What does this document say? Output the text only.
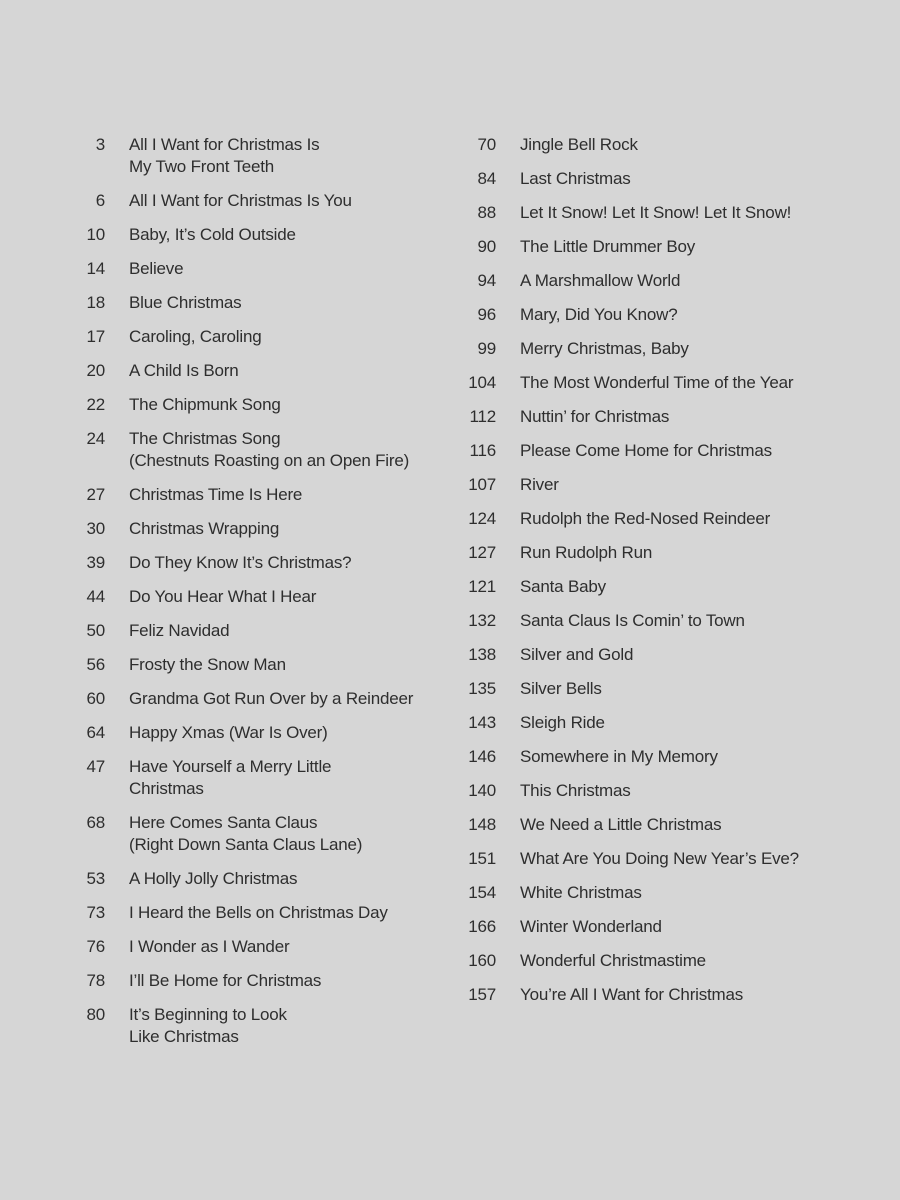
3	All I Want for Christmas Is
My Two Front Teeth
6	All I Want for Christmas Is You
10	Baby, It’s Cold Outside
14	Believe
18	Blue Christmas
17	Caroling, Caroling
20	A Child Is Born
22	The Chipmunk Song
24	The Christmas Song
(Chestnuts Roasting on an Open Fire)
27	Christmas Time Is Here
30	Christmas Wrapping
39	Do They Know It’s Christmas?
44	Do You Hear What I Hear
50	Feliz Navidad
56	Frosty the Snow Man
60	Grandma Got Run Over by a Reindeer
64	Happy Xmas (War Is Over)
47	Have Yourself a Merry Little
Christmas
68	Here Comes Santa Claus
(Right Down Santa Claus Lane)
53	A Holly Jolly Christmas
73	I Heard the Bells on Christmas Day
76	I Wonder as I Wander
78	I’ll Be Home for Christmas
80	It’s Beginning to Look
Like Christmas
70	Jingle Bell Rock
84	Last Christmas
88	Let It Snow! Let It Snow! Let It Snow!
90	The Little Drummer Boy
94	A Marshmallow World
96	Mary, Did You Know?
99	Merry Christmas, Baby
104	The Most Wonderful Time of the Year
112	Nuttin’ for Christmas
116	Please Come Home for Christmas
107	River
124	Rudolph the Red-Nosed Reindeer
127	Run Rudolph Run
121	Santa Baby
132	Santa Claus Is Comin’ to Town
138	Silver and Gold
135	Silver Bells
143	Sleigh Ride
146	Somewhere in My Memory
140	This Christmas
148	We Need a Little Christmas
151	What Are You Doing New Year’s Eve?
154	White Christmas
166	Winter Wonderland
160	Wonderful Christmastime
157	You’re All I Want for Christmas
